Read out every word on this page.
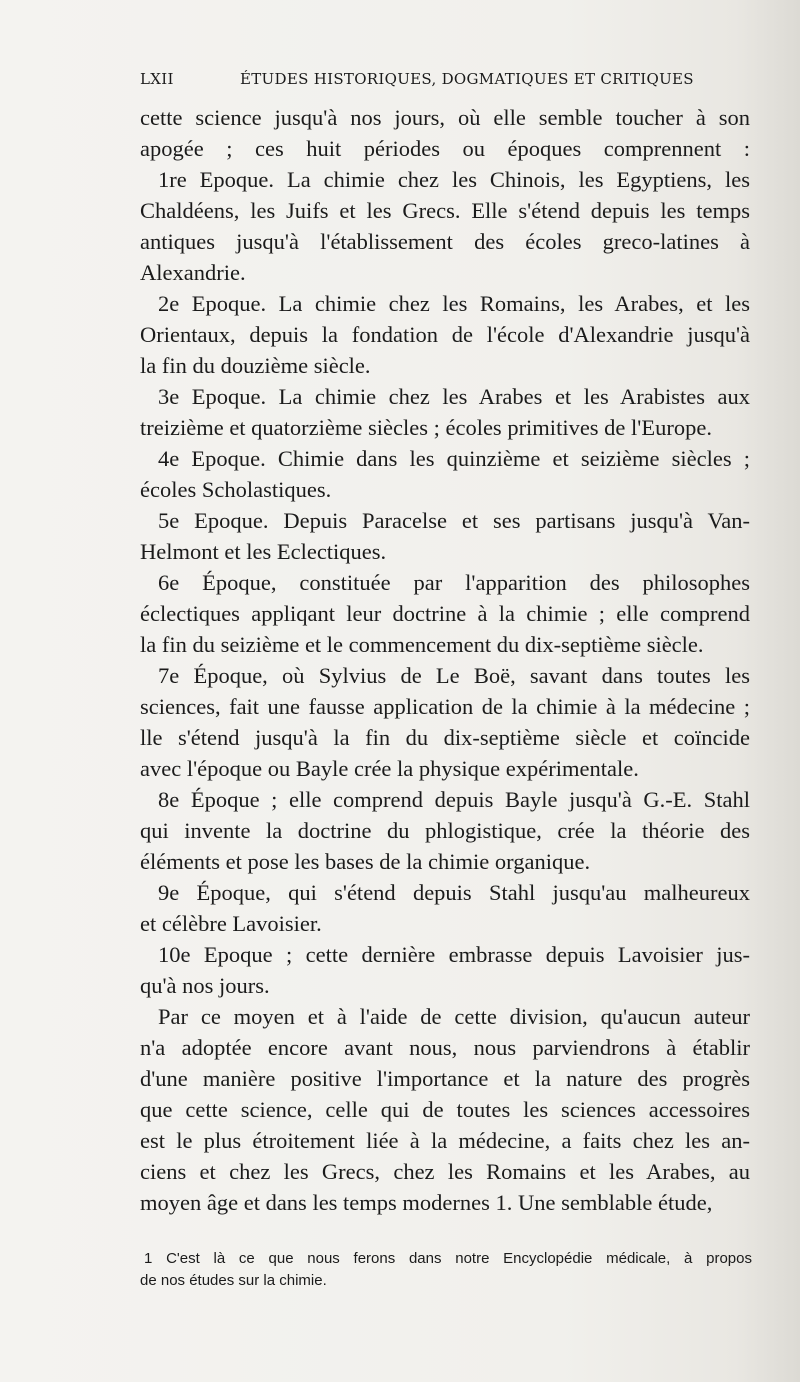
LXII	ÉTUDES HISTORIQUES, DOGMATIQUES ET CRITIQUES
cette science jusqu'à nos jours, où elle semble toucher à son
apogée ; ces huit périodes ou époques comprennent :
1re Epoque. La chimie chez les Chinois, les Egyptiens, les
Chaldéens, les Juifs et les Grecs. Elle s'étend depuis les temps
antiques jusqu'à l'établissement des écoles greco-latines à
Alexandrie.
2e Epoque. La chimie chez les Romains, les Arabes, et les
Orientaux, depuis la fondation de l'école d'Alexandrie jusqu'à
la fin du douzième siècle.
3e Epoque. La chimie chez les Arabes et les Arabistes aux
treizième et quatorzième siècles ; écoles primitives de l'Europe.
4e Epoque. Chimie dans les quinzième et seizième siècles ;
écoles Scholastiques.
5e Epoque. Depuis Paracelse et ses partisans jusqu'à Van-
Helmont et les Eclectiques.
6e Époque, constituée par l'apparition des philosophes
éclectiques appliqant leur doctrine à la chimie ; elle comprend
la fin du seizième et le commencement du dix-septième siècle.
7e Époque, où Sylvius de Le Boë, savant dans toutes les
sciences, fait une fausse application de la chimie à la médecine ;
lle s'étend jusqu'à la fin du dix-septième siècle et coïncide
avec l'époque ou Bayle crée la physique expérimentale.
8e Époque ; elle comprend depuis Bayle jusqu'à G.-E. Stahl
qui invente la doctrine du phlogistique, crée la théorie des
éléments et pose les bases de la chimie organique.
9e Époque, qui s'étend depuis Stahl jusqu'au malheureux
et célèbre Lavoisier.
10e Epoque ; cette dernière embrasse depuis Lavoisier jus-
qu'à nos jours.
Par ce moyen et à l'aide de cette division, qu'aucun auteur
n'a adoptée encore avant nous, nous parviendrons à établir
d'une manière positive l'importance et la nature des progrès
que cette science, celle qui de toutes les sciences accessoires
est le plus étroitement liée à la médecine, a faits chez les an-
ciens et chez les Grecs, chez les Romains et les Arabes, au
moyen âge et dans les temps modernes 1. Une semblable étude,
1 C'est là ce que nous ferons dans notre Encyclopédie médicale, à propos
de nos études sur la chimie.
